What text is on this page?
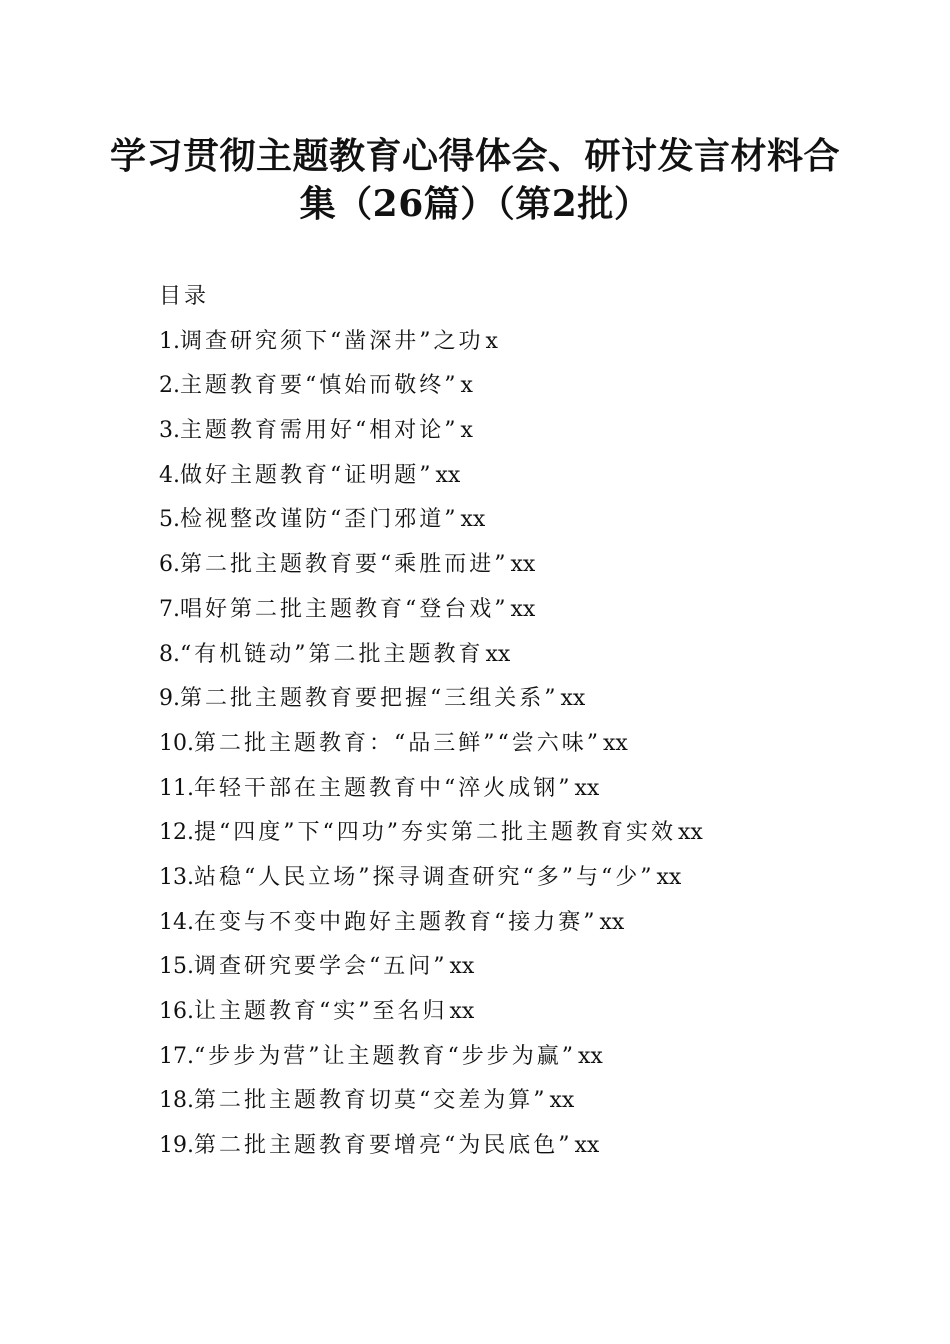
学习贯彻主题教育心得体会、研讨发言材料合
集（26篇）（第2批）
目录
1.调查研究须下“凿深井”之功x
2.主题教育要“慎始而敬终”x
3.主题教育需用好“相对论”x
4.做好主题教育“证明题”xx
5.检视整改谨防“歪门邪道”xx
6.第二批主题教育要“乘胜而进”xx
7.唱好第二批主题教育“登台戏”xx
8.“有机链动”第二批主题教育xx
9.第二批主题教育要把握“三组关系”xx
10.第二批主题教育：“品三鲜”“尝六味”xx
11.年轻干部在主题教育中“淬火成钢”xx
12.提“四度”下“四功”夯实第二批主题教育实效xx
13.站稳“人民立场”探寻调查研究“多”与“少”xx
14.在变与不变中跑好主题教育“接力赛”xx
15.调查研究要学会“五问”xx
16.让主题教育“实”至名归xx
17.“步步为营”让主题教育“步步为赢”xx
18.第二批主题教育切莫“交差为算”xx
19.第二批主题教育要增亮“为民底色”xx
